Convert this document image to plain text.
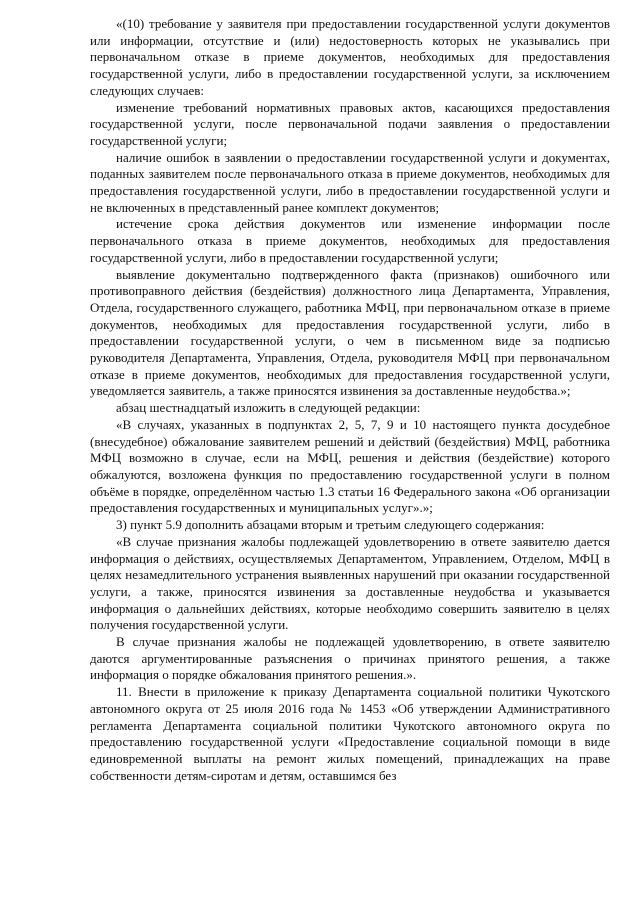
«(10) требование у заявителя при предоставлении государственной услуги документов или информации, отсутствие и (или) недостоверность которых не указывались при первоначальном отказе в приеме документов, необходимых для предоставления государственной услуги, либо в предоставлении государственной услуги, за исключением следующих случаев:

изменение требований нормативных правовых актов, касающихся предоставления государственной услуги, после первоначальной подачи заявления о предоставлении государственной услуги;

наличие ошибок в заявлении о предоставлении государственной услуги и документах, поданных заявителем после первоначального отказа в приеме документов, необходимых для предоставления государственной услуги, либо в предоставлении государственной услуги и не включенных в представленный ранее комплект документов;

истечение срока действия документов или изменение информации после первоначального отказа в приеме документов, необходимых для предоставления государственной услуги, либо в предоставлении государственной услуги;

выявление документально подтвержденного факта (признаков) ошибочного или противоправного действия (бездействия) должностного лица Департамента, Управления, Отдела, государственного служащего, работника МФЦ, при первоначальном отказе в приеме документов, необходимых для предоставления государственной услуги, либо в предоставлении государственной услуги, о чем в письменном виде за подписью руководителя Департамента, Управления, Отдела, руководителя МФЦ при первоначальном отказе в приеме документов, необходимых для предоставления государственной услуги, уведомляется заявитель, а также приносятся извинения за доставленные неудобства.»;

абзац шестнадцатый изложить в следующей редакции:

«В случаях, указанных в подпунктах 2, 5, 7, 9 и 10 настоящего пункта досудебное (внесудебное) обжалование заявителем решений и действий (бездействия) МФЦ, работника МФЦ возможно в случае, если на МФЦ, решения и действия (бездействие) которого обжалуются, возложена функция по предоставлению государственной услуги в полном объёме в порядке, определённом частью 1.3 статьи 16 Федерального закона «Об организации предоставления государственных и муниципальных услуг».»;

3) пункт 5.9 дополнить абзацами вторым и третьим следующего содержания:

«В случае признания жалобы подлежащей удовлетворению в ответе заявителю дается информация о действиях, осуществляемых Департаментом, Управлением, Отделом, МФЦ в целях незамедлительного устранения выявленных нарушений при оказании государственной услуги, а также, приносятся извинения за доставленные неудобства и указывается информация о дальнейших действиях, которые необходимо совершить заявителю в целях получения государственной услуги.

В случае признания жалобы не подлежащей удовлетворению, в ответе заявителю даются аргументированные разъяснения о причинах принятого решения, а также информация о порядке обжалования принятого решения.».

11. Внести в приложение к приказу Департамента социальной политики Чукотского автономного округа от 25 июля 2016 года № 1453 «Об утверждении Административного регламента Департамента социальной политики Чукотского автономного округа по предоставлению государственной услуги «Предоставление социальной помощи в виде единовременной выплаты на ремонт жилых помещений, принадлежащих на праве собственности детям-сиротам и детям, оставшимся без
